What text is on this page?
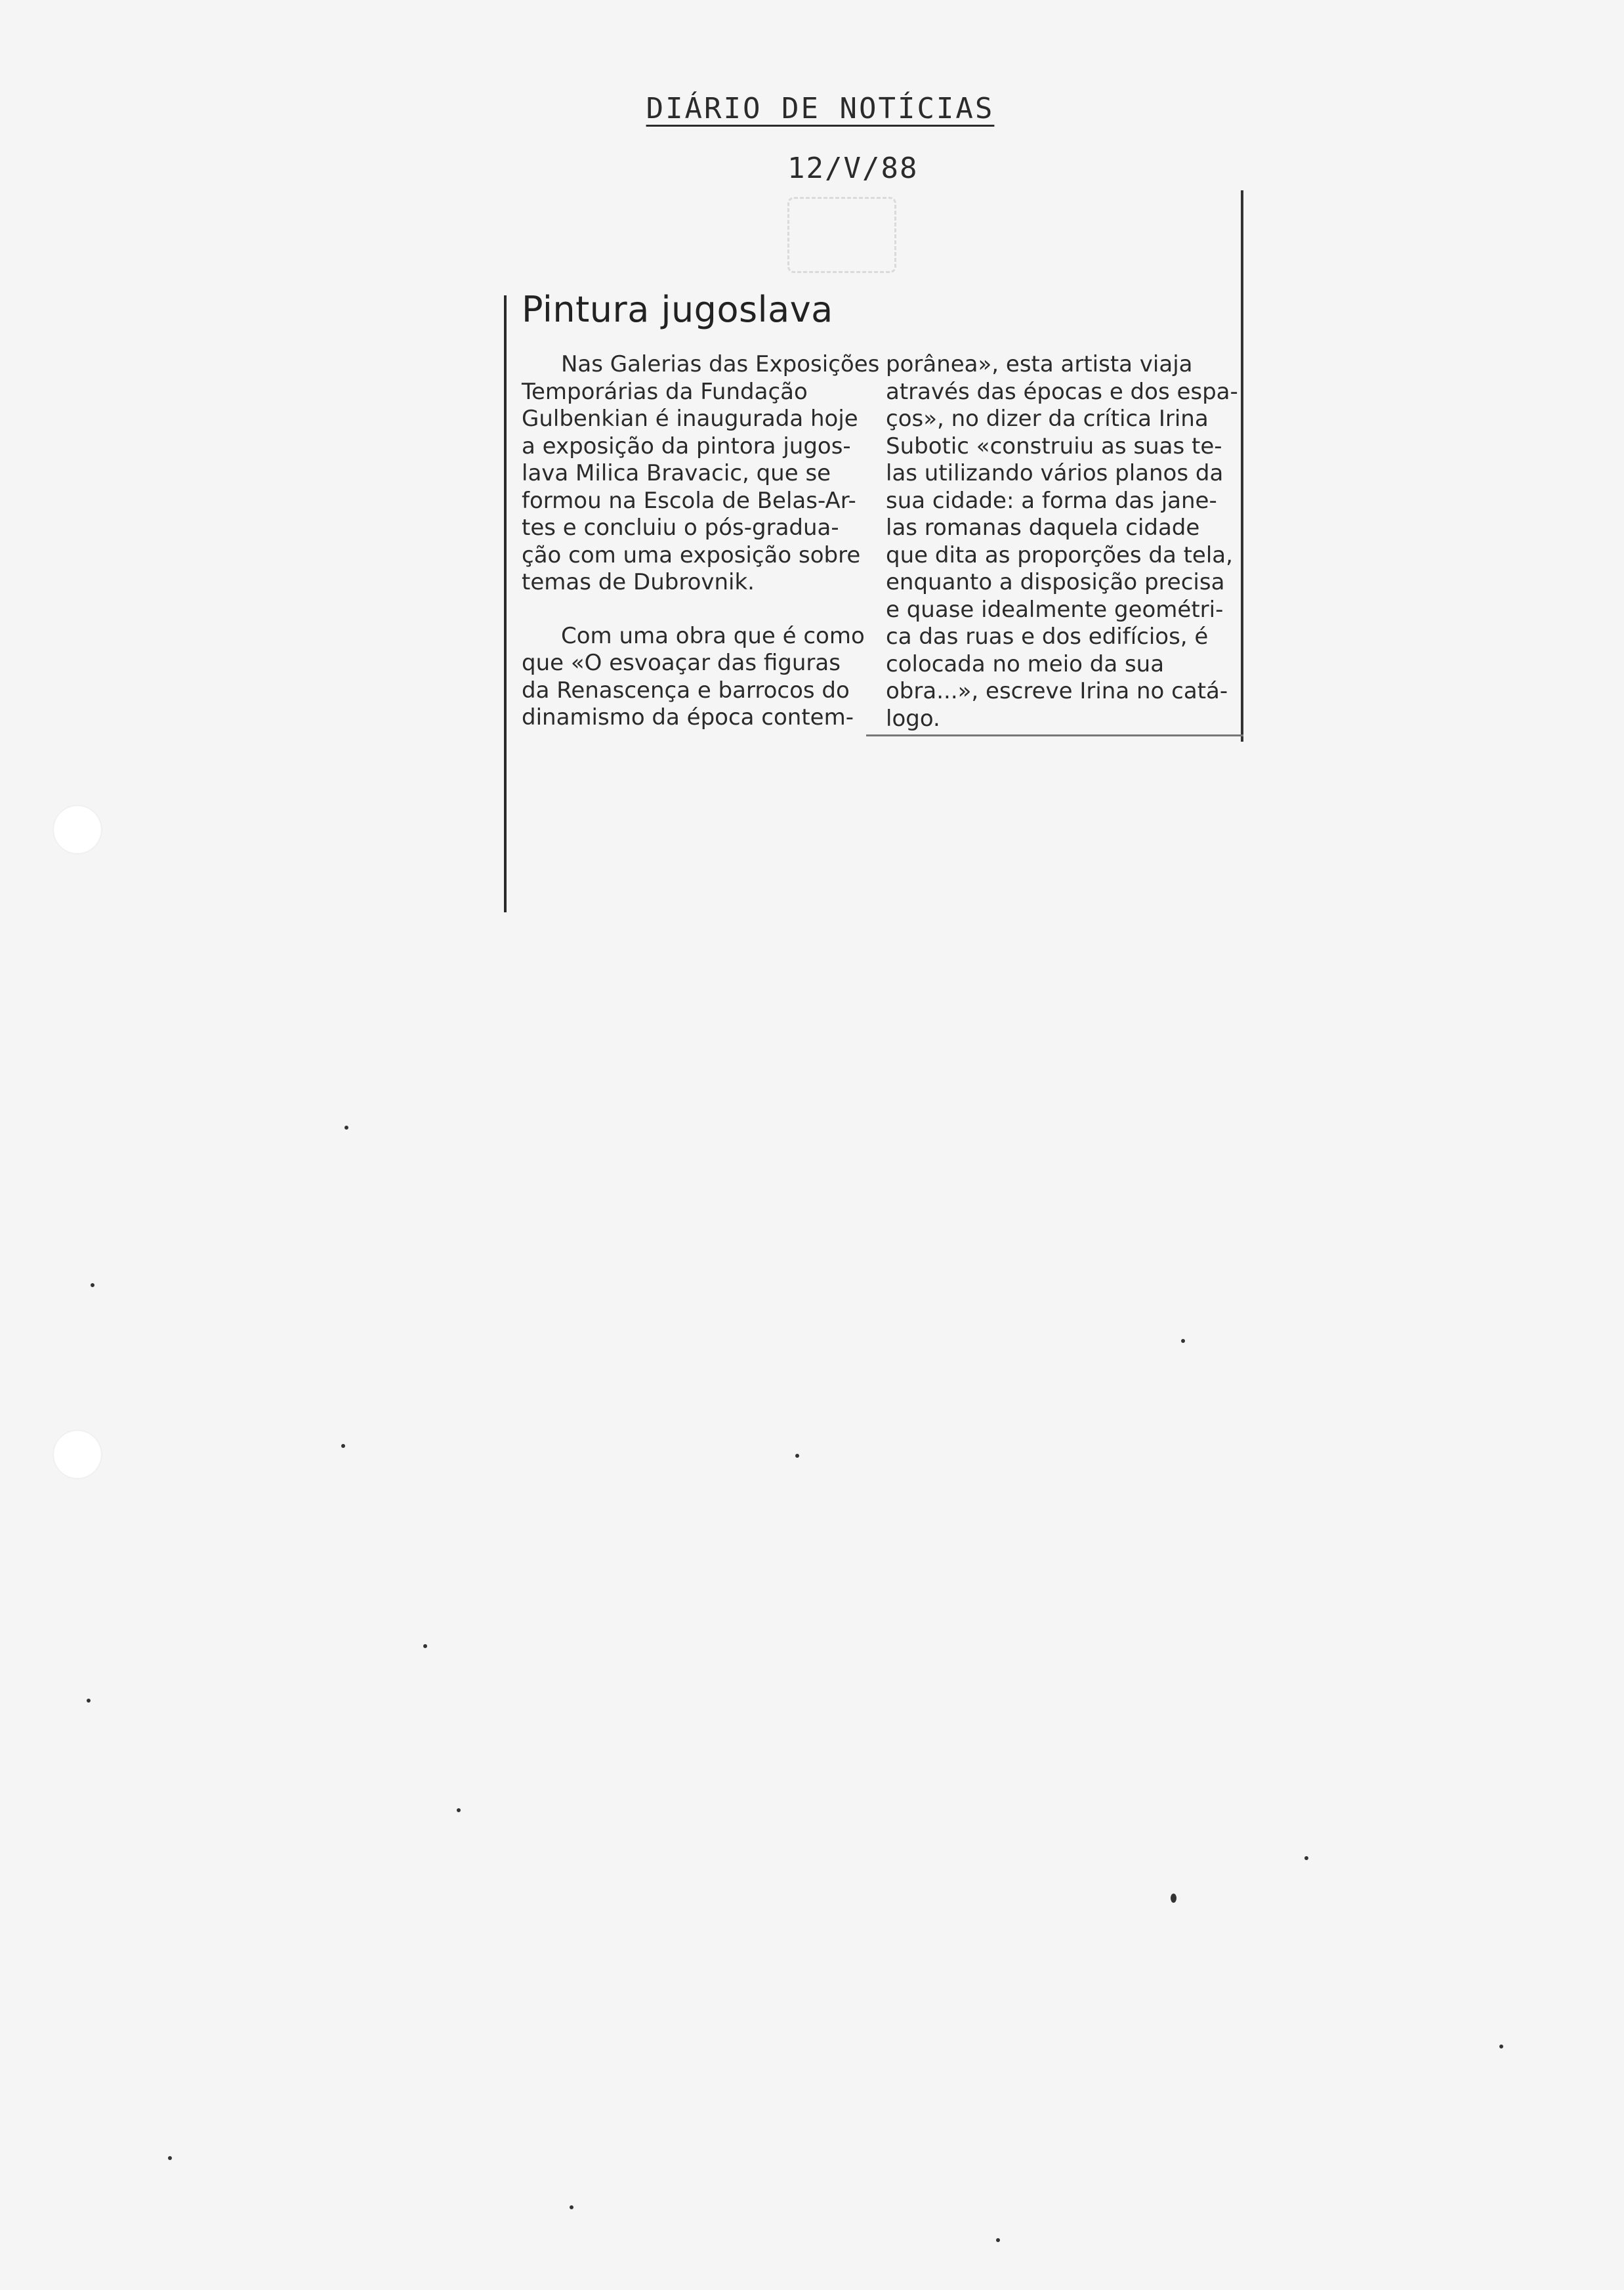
DIÁRIO DE NOTÍCIAS
12/V/88
Pintura jugoslava

Nas Galerias das Exposições
Temporárias da Fundação
Gulbenkian é inaugurada hoje
a exposição da pintora jugos-
lava Milica Bravacic, que se
formou na Escola de Belas-Ar-
tes e concluiu o pós-gradua-
ção com uma exposição sobre
temas de Dubrovnik.

Com uma obra que é como
que «O esvoaçar das figuras
da Renascença e barrocos do
dinamismo da época contem-

porânea», esta artista viaja
através das épocas e dos espa-
ços», no dizer da crítica Irina
Subotic «construiu as suas te-
las utilizando vários planos da
sua cidade: a forma das jane-
las romanas daquela cidade
que dita as proporções da tela,
enquanto a disposição precisa
e quase idealmente geométri-
ca das ruas e dos edifícios, é
colocada no meio da sua
obra...», escreve Irina no catá-
logo.
